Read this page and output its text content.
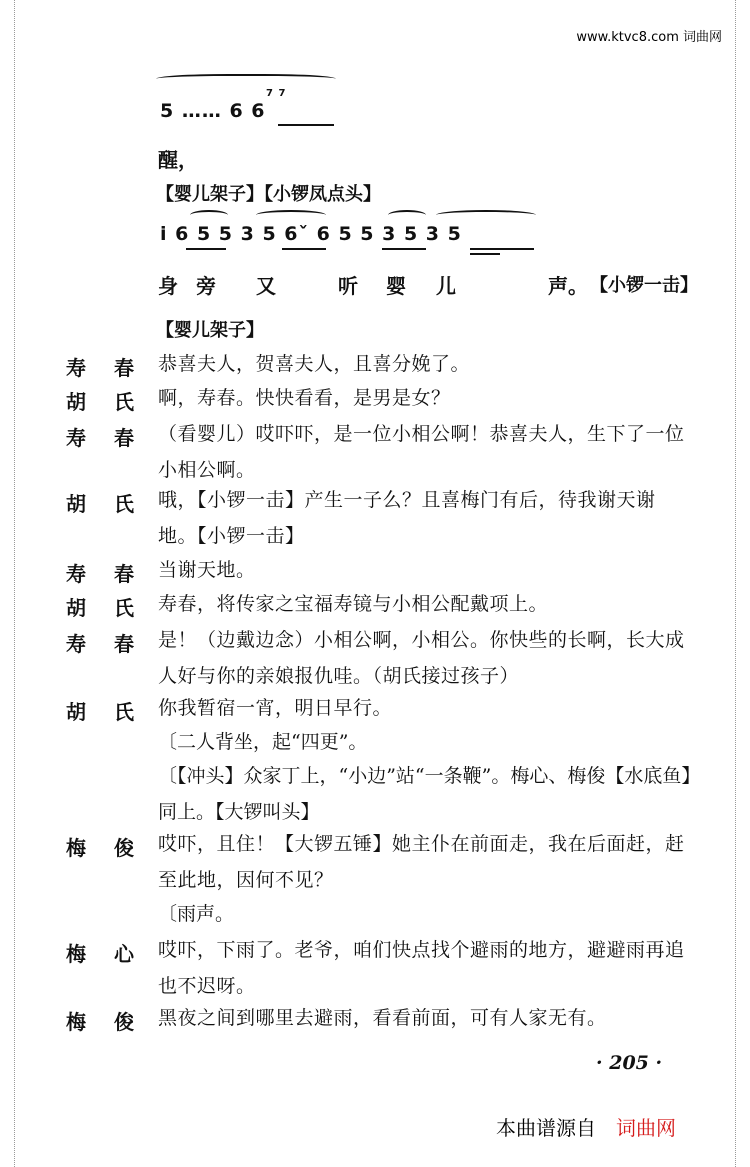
www.ktvc8.com 词曲网
7 7
5 …… 6 6
醒，
【婴儿架子】【小锣凤点头】
i 6 5 5 3 5 6ˇ 6 5 5 3 5 3 5
身 旁 又	听 婴 儿	声。 【小锣一击】
【婴儿架子】
寿 春 恭喜夫人，贺喜夫人，且喜分娩了。
胡 氏 啊，寿春。快快看看，是男是女？
寿 春 （看婴儿）哎吓吓，是一位小相公啊！恭喜夫人，生下了一位小相公啊。
胡 氏 哦，【小锣一击】产生一子么？且喜梅门有后，待我谢天谢地。【小锣一击】
寿 春 当谢天地。
胡 氏 寿春，将传家之宝福寿镜与小相公配戴项上。
寿 春 是！（边戴边念）小相公啊，小相公。你快些的长啊，长大成人好与你的亲娘报仇哇。（胡氏接过孩子）
胡 氏 你我暂宿一宵，明日早行。
〔二人背坐，起“四更”。
〔【冲头】众家丁上，“小边”站“一条鞭”。梅心、梅俊【水底鱼】同上。【大锣叫头】
梅 俊 哎吓，且住！【大锣五锤】她主仆在前面走，我在后面赶，赶至此地，因何不见？
〔雨声。
梅 心 哎吓，下雨了。老爷，咱们快点找个避雨的地方，避避雨再追也不迟呀。
梅 俊 黑夜之间到哪里去避雨，看看前面，可有人家无有。
· 205 ·
本曲谱源自 词曲网
